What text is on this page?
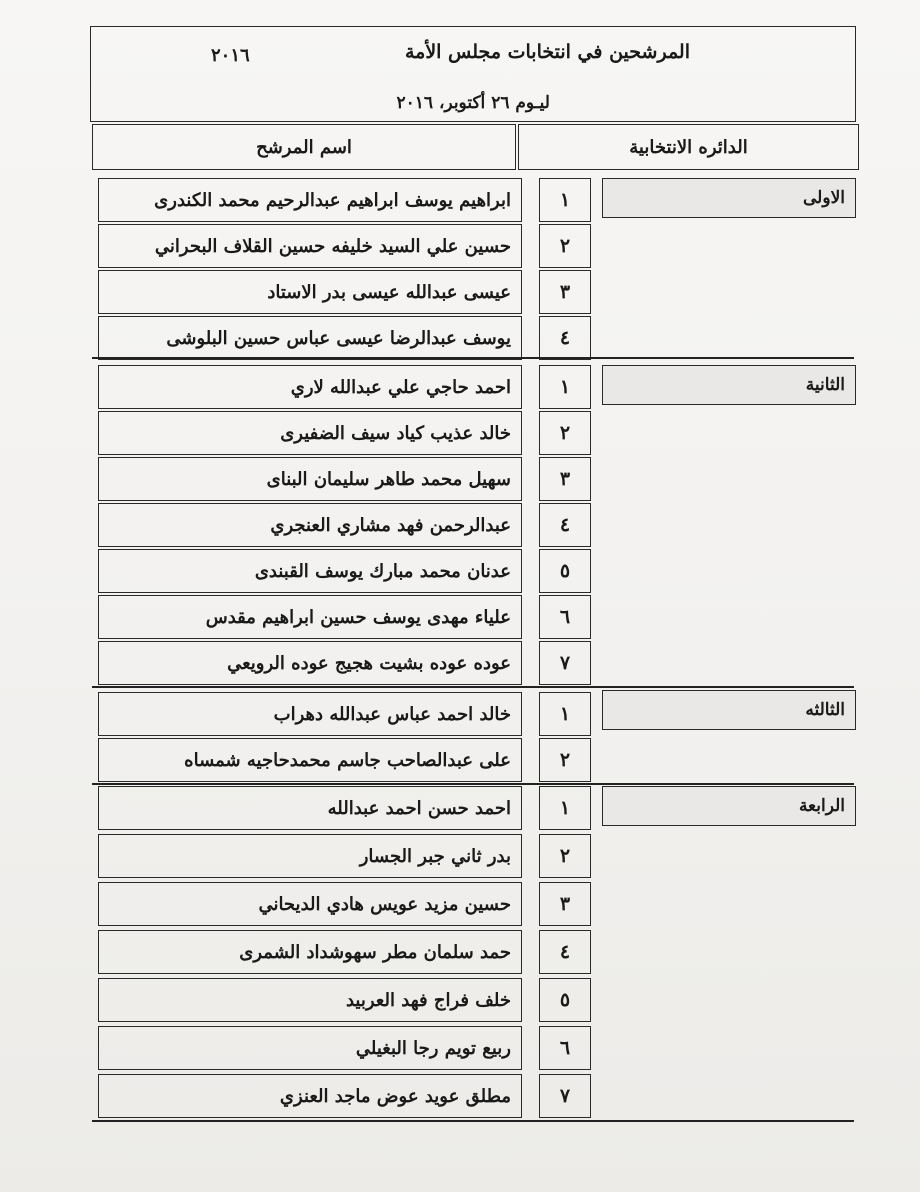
المرشحين في انتخابات مجلس الأمة
٢٠١٦
ليـوم ٢٦ أكتوبر، ٢٠١٦
الدائره الانتخابية
اسم المرشح
الاولى
١
ابراهيم يوسف ابراهيم عبدالرحيم محمد الكندرى
٢
حسين علي السيد خليفه حسين القلاف البحراني
٣
عيسى عبدالله عيسى بدر الاستاد
٤
يوسف عبدالرضا عيسى عباس حسين البلوشى
الثانية
١
احمد حاجي علي عبدالله لاري
٢
خالد عذيب كياد سيف الضفيرى
٣
سهيل محمد طاهر سليمان البناى
٤
عبدالرحمن فهد مشاري العنجري
٥
عدنان محمد مبارك يوسف القبندى
٦
علياء مهدى يوسف حسين ابراهيم مقدس
٧
عوده عوده بشيت هجيج عوده الرويعي
الثالثه
١
خالد احمد عباس عبدالله دهراب
٢
على عبدالصاحب جاسم محمدحاجيه شمساه
الرابعة
١
احمد حسن احمد عبدالله
٢
بدر ثاني جبر الجسار
٣
حسين مزيد عويس هادي الديحاني
٤
حمد سلمان مطر سهوشداد الشمرى
٥
خلف فراج فهد العربيد
٦
ربيع تويم رجا البغيلي
٧
مطلق عويد عوض ماجد العنزي
